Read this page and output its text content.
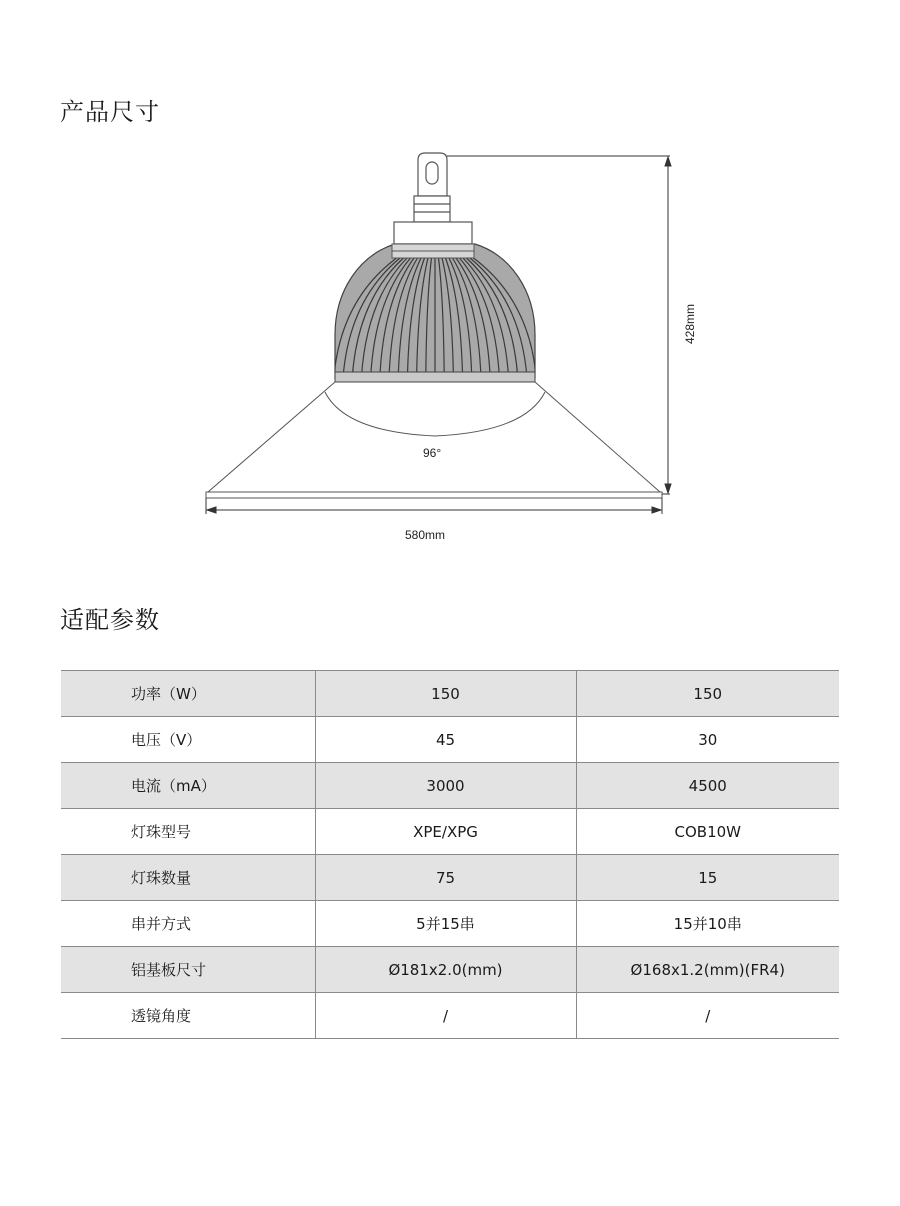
产品尺寸
96°
428mm
580mm
适配参数
功率（W）	150	150
电压（V）	45	30
电流（mA）	3000	4500
灯珠型号	XPE/XPG	COB10W
灯珠数量	75	15
串并方式	5并15串	15并10串
铝基板尺寸	Ø181x2.0(mm)	Ø168x1.2(mm)(FR4)
透镜角度	/	/
